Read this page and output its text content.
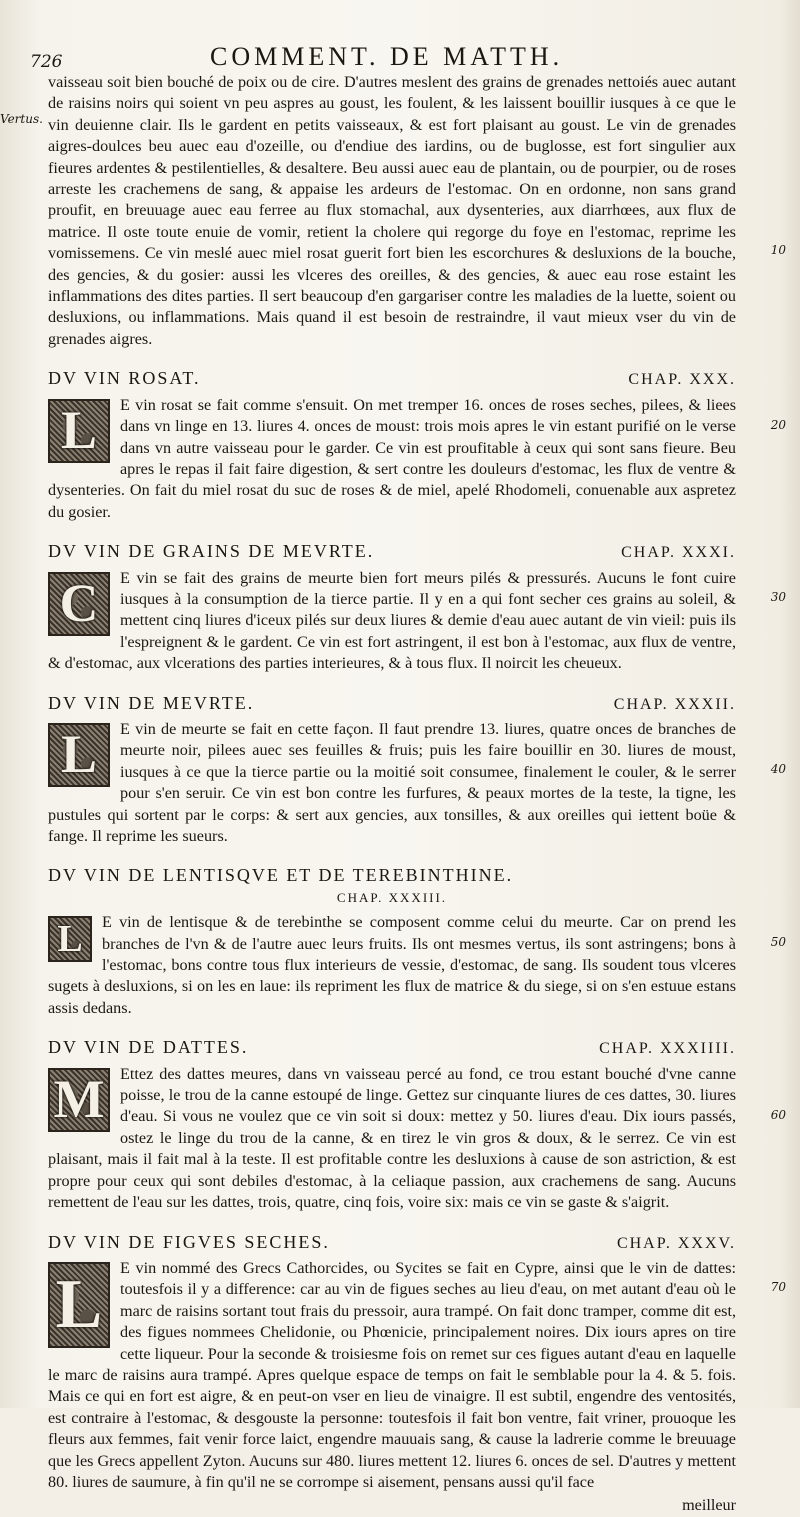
726	COMMENT. DE MATTH.
Vertus.
10
20
30
40
50
60
70

vaisseau soit bien bouché de poix ou de cire. D'autres meslent des grains de grenades nettoiés auec autant de raisins noirs qui soient vn peu aspres au goust, les foulent, & les laissent bouillir iusques à ce que le vin deuienne clair. Ils le gardent en petits vaisseaux, & est fort plaisant au goust. Le vin de grenades aigres-doulces beu auec eau d'ozeille, ou d'endiue des iardins, ou de buglosse, est fort singulier aux fieures ardentes & pestilentielles, & desaltere. Beu aussi auec eau de plantain, ou de pourpier, ou de roses arreste les crachemens de sang, & appaise les ardeurs de l'estomac. On en ordonne, non sans grand proufit, en breuuage auec eau ferree au flux stomachal, aux dysenteries, aux diarrhœes, aux flux de matrice. Il oste toute enuie de vomir, retient la cholere qui regorge du foye en l'estomac, reprime les vomissemens. Ce vin meslé auec miel rosat guerit fort bien les escorchures & desluxions de la bouche, des gencies, & du gosier: aussi les vlceres des oreilles, & des gencies, & auec eau rose estaint les inflammations des dites parties. Il sert beaucoup d'en gargariser contre les maladies de la luette, soient ou desluxions, ou inflammations. Mais quand il est besoin de restraindre, il vaut mieux vser du vin de grenades aigres.

DV VIN ROSAT.	CHAP. XXX.
L	E vin rosat se fait comme s'ensuit. On met tremper 16. onces de roses seches, pilees, & liees dans vn linge en 13. liures 4. onces de moust: trois mois apres le vin estant purifié on le verse dans vn autre vaisseau pour le garder. Ce vin est proufitable à ceux qui sont sans fieure. Beu apres le repas il fait faire digestion, & sert contre les douleurs d'estomac, les flux de ventre & dysenteries. On fait du miel rosat du suc de roses & de miel, apelé Rhodomeli, conuenable aux aspretez du gosier.

DV VIN DE GRAINS DE MEVRTE.	CHAP. XXXI.
C	E vin se fait des grains de meurte bien fort meurs pilés & pressurés. Aucuns le font cuire iusques à la consumption de la tierce partie. Il y en a qui font secher ces grains au soleil, & mettent cinq liures d'iceux pilés sur deux liures & demie d'eau auec autant de vin vieil: puis ils l'espreignent & le gardent. Ce vin est fort astringent, il est bon à l'estomac, aux flux de ventre, & d'estomac, aux vlcerations des parties interieures, & à tous flux. Il noircit les cheueux.

DV VIN DE MEVRTE.	CHAP. XXXII.
L	E vin de meurte se fait en cette façon. Il faut prendre 13. liures, quatre onces de branches de meurte noir, pilees auec ses feuilles & fruis; puis les faire bouillir en 30. liures de moust, iusques à ce que la tierce partie ou la moitié soit consumee, finalement le couler, & le serrer pour s'en seruir. Ce vin est bon contre les furfures, & peaux mortes de la teste, la tigne, les pustules qui sortent par le corps: & sert aux gencies, aux tonsilles, & aux oreilles qui iettent boüe & fange. Il reprime les sueurs.

DV VIN DE LENTISQVE ET DE TEREBINTHINE.
CHAP. XXXIII.
L	E vin de lentisque & de terebinthe se composent comme celui du meurte. Car on prend les branches de l'vn & de l'autre auec leurs fruits. Ils ont mesmes vertus, ils sont astringens; bons à l'estomac, bons contre tous flux interieurs de vessie, d'estomac, de sang. Ils soudent tous vlceres sugets à desluxions, si on les en laue: ils repriment les flux de matrice & du siege, si on s'en estuue estans assis dedans.

DV VIN DE DATTES.	CHAP. XXXIIII.
M Ettez des dattes meures, dans vn vaisseau percé au fond, ce trou estant bouché d'vne canne poisse, le trou de la canne estoupé de linge. Gettez sur cinquante liures de ces dattes, 30. liures d'eau. Si vous ne voulez que ce vin soit si doux: mettez y 50. liures d'eau. Dix iours passés, ostez le linge du trou de la canne, & en tirez le vin gros & doux, & le serrez. Ce vin est plaisant, mais il fait mal à la teste. Il est profitable contre les desluxions à cause de son astriction, & est propre pour ceux qui sont debiles d'estomac, à la celiaque passion, aux crachemens de sang. Aucuns remettent de l'eau sur les dattes, trois, quatre, cinq fois, voire six: mais ce vin se gaste & s'aigrit.

DV VIN DE FIGVES SECHES.	CHAP. XXXV.
L	E vin nommé des Grecs Cathorcides, ou Sycites se fait en Cypre, ainsi que le vin de dattes: toutesfois il y a difference: car au vin de figues seches au lieu d'eau, on met autant d'eau où le marc de raisins sortant tout frais du pressoir, aura trampé. On fait donc tramper, comme dit est, des figues nommees Chelidonie, ou Phœnicie, principalement noires. Dix iours apres on tire cette liqueur. Pour la seconde & troisiesme fois on remet sur ces figues autant d'eau en laquelle le marc de raisins aura trampé. Apres quelque espace de temps on fait le semblable pour la 4. & 5. fois. Mais ce qui en fort est aigre, & en peut-on vser en lieu de vinaigre. Il est subtil, engendre des ventosités, est contraire à l'estomac, & desgouste la personne: toutesfois il fait bon ventre, fait vriner, prouoque les fleurs aux femmes, fait venir force laict, engendre mauuais sang, & cause la ladrerie comme le breuuage que les Grecs appellent Zyton. Aucuns sur 480. liures mettent 12. liures 6. onces de sel. D'autres y mettent 80. liures de saumure, à fin qu'il ne se corrompe si aisement, pensans aussi qu'il face

meilleur
